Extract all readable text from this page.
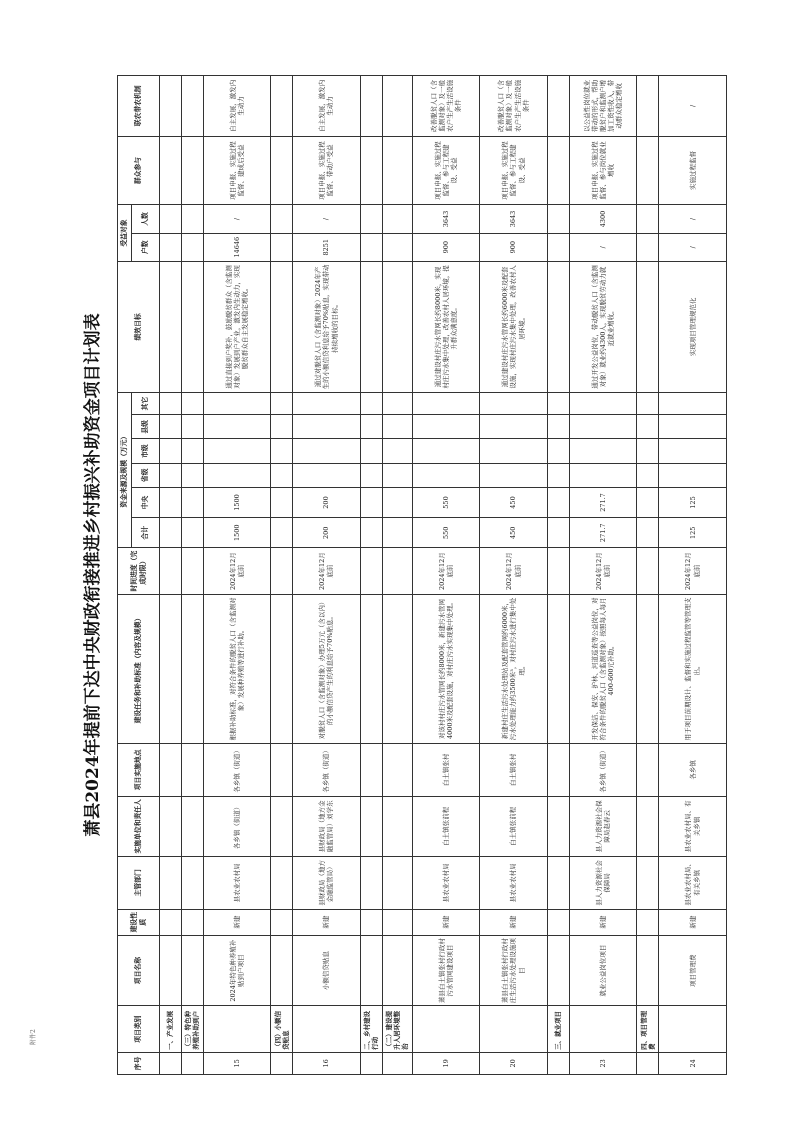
附件2
萧县2024年提前下达中央财政衔接推进乡村振兴补助资金项目计划表
序号	项目类别	项目名称	建设性质	主管部门	实施单位和责任人	项目实施地点	建设任务和补助标准（内容及规模）	时间进度（完成时限）	资金来源及规模（万元）						绩效目标	受益对象		群众参与	联农带农机制
									合计	中央	省级	市级	县级	其它		户数	人数		

	一、产业发展																		
	（三）特色种养殖补助到户																		
15		2024年特色种养殖补贴到户项目	新建	县农业农村局	各乡镇（街道）	各乡镇（街道）	根据补助标准，对符合条件的脱贫人口（含监测对象）发展种养殖等进行补助。	2024年12月底前	1500	1500					通过直接到户奖补，鼓励脱贫群众（含监测对象）发展到户产业，激发内生动力，实现脱贫群众自主发展稳定增收。	14646	/	项目申报、实施过程监督、建成后受益	自主发展，激发内生动力
	（四）小额信贷贴息																		
16		小额信贷贴息	新建	县财政局（地方金融监管局）	县财政局（地方金融监管局）刘学东	各乡镇（街道）	对脱贫人口（含监测对象）办理5万元（含以内）的小额信贷产生的利息给予70%贴息。	2024年12月底前	200	200					通过对脱贫人口（含监测对象）2024年产生的小额信贷利息给予70%贴息，实现带动持续增收的目标。	8251	/	项目申报、实施过程监督、带动户受益	自主发展，激发内生动力
	二、乡村建设行动																		
	（二）建设提升人居环境整治																		
19		萧县白土镇张村行政村污水管网建设项目	新建	县农业农村局	白土镇张前程	白土镇张村	对该村村庄污水管网长约8000米，新建污水管网4000米及配套设施，对村庄污水实现集中处理。	2024年12月底前	550	550					通过建设村庄污水管网长约8000米，实现村庄污水集中处理，改善农村人居环境，提升群众满意度。	900	3643	项目申报、实施过程监督、参与工程建设、受益	改善脱贫人口（含监测对象）及一般农户生产生活设施条件
20		萧县白土镇张村行政村庄生活污水处理设施项目	新建	县农业农村局	白土镇张前程	白土镇张村	新建村庄生活污水处理站及配套管网约6000米，污水处理能力约3500米³，对村庄污水进行集中处理。	2024年12月底前	450	450					通过建设村庄污水管网长约6000米及配套设施，实现村庄污水集中处理，改善农村人居环境。	900	3643	项目申报、实施过程监督、参与工程建设、受益	改善脱贫人口（含监测对象）及一般农户生产生活设施条件
	三、就业项目																		
23		就业公益岗位项目	新建	县人力资源社会保障局	县人力资源社会保障局赵春云	各乡镇（街道）	开发保洁、保安、护林、河道巡查等公益岗位，对符合条件的脱贫人口（含监测对象）按照每人每月400-600元补助。	2024年12月底前	271.7	271.7					通过开发公益岗位，带动脱贫人口（含监测对象）就业约4300人，实现脱贫劳动力就近就业增收。	/	4300	项目申报、实施过程监督、参与岗位就业增收	以公益性岗位就业带动的形式，帮助脱贫户和监测户增加工资性收入，带动群众稳定增收
	四、项目管理费																		
24		项目管理费	新建	县农业农村局、有关乡镇	县农业农村局、有关乡镇	各乡镇	用于项目前期设计、监督和实施过程监管等管理支出。	2024年12月底前	125	125					实现项目管理规范化	/	/	实施过程监督	/
